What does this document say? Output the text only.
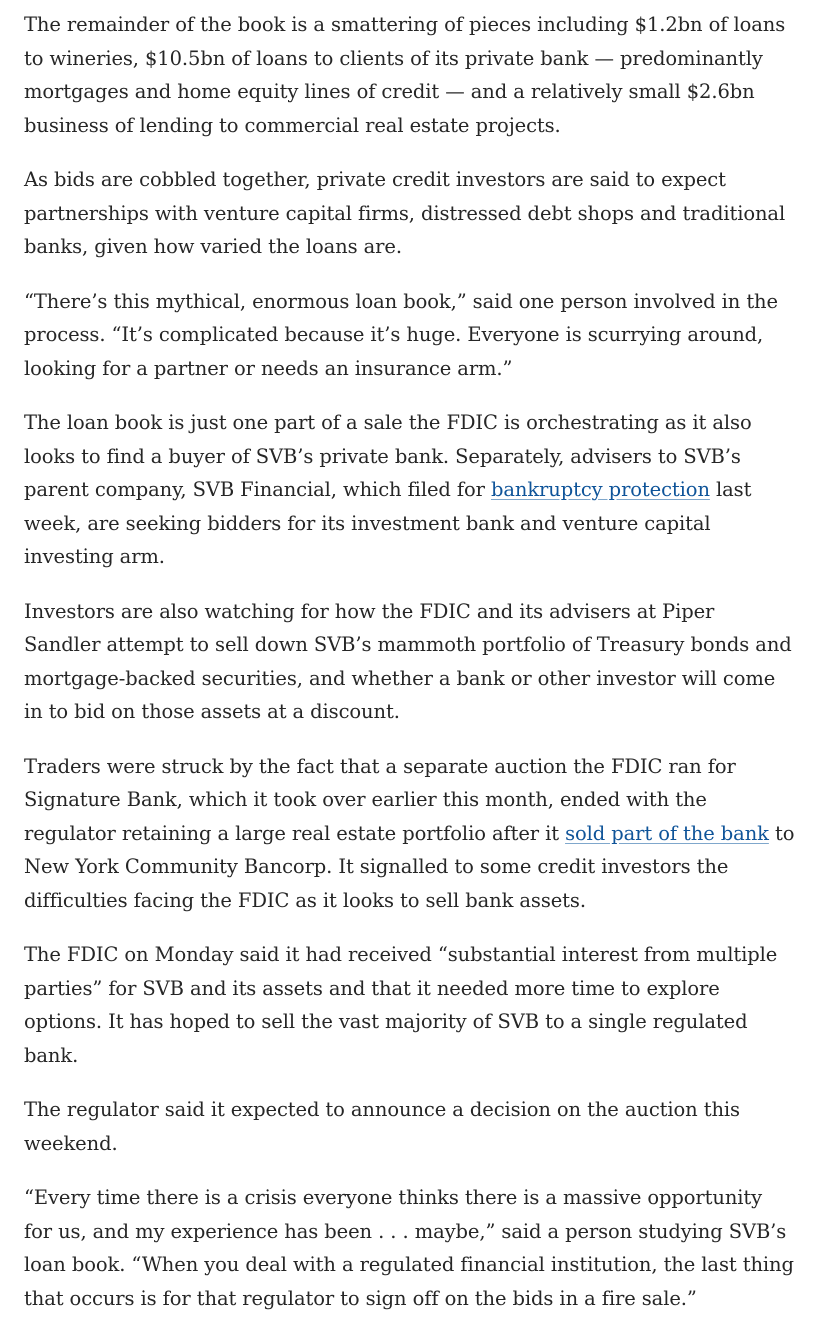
The remainder of the book is a smattering of pieces including $1.2bn of loans to wineries, $10.5bn of loans to clients of its private bank — predominantly mortgages and home equity lines of credit — and a relatively small $2.6bn business of lending to commercial real estate projects.

As bids are cobbled together, private credit investors are said to expect partnerships with venture capital firms, distressed debt shops and traditional banks, given how varied the loans are.

“There’s this mythical, enormous loan book,” said one person involved in the process. “It’s complicated because it’s huge. Everyone is scurrying around, looking for a partner or needs an insurance arm.”

The loan book is just one part of a sale the FDIC is orchestrating as it also looks to find a buyer of SVB’s private bank. Separately, advisers to SVB’s parent company, SVB Financial, which filed for bankruptcy protection last week, are seeking bidders for its investment bank and venture capital investing arm.

Investors are also watching for how the FDIC and its advisers at Piper Sandler attempt to sell down SVB’s mammoth portfolio of Treasury bonds and mortgage-backed securities, and whether a bank or other investor will come in to bid on those assets at a discount.

Traders were struck by the fact that a separate auction the FDIC ran for Signature Bank, which it took over earlier this month, ended with the regulator retaining a large real estate portfolio after it sold part of the bank to New York Community Bancorp. It signalled to some credit investors the difficulties facing the FDIC as it looks to sell bank assets.

The FDIC on Monday said it had received “substantial interest from multiple parties” for SVB and its assets and that it needed more time to explore options. It has hoped to sell the vast majority of SVB to a single regulated bank.

The regulator said it expected to announce a decision on the auction this weekend.

“Every time there is a crisis everyone thinks there is a massive opportunity for us, and my experience has been . . . maybe,” said a person studying SVB’s loan book. “When you deal with a regulated financial institution, the last thing that occurs is for that regulator to sign off on the bids in a fire sale.”
